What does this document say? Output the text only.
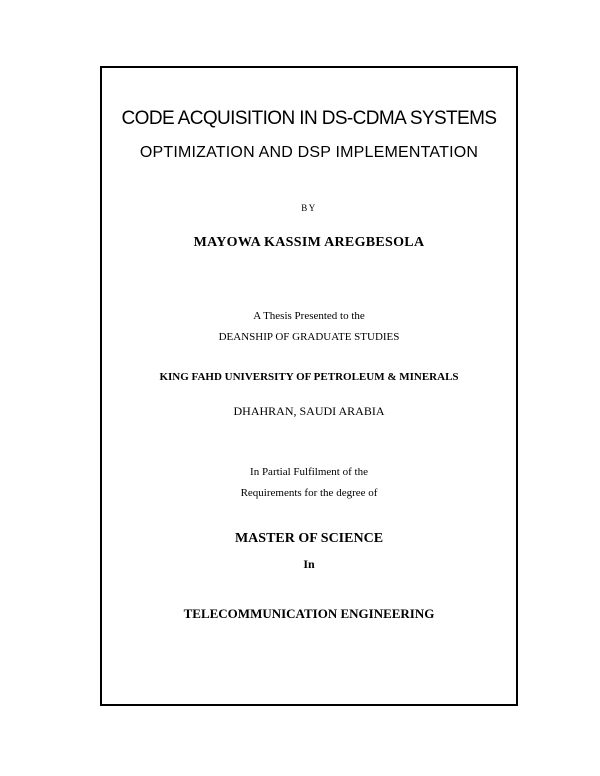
CODE ACQUISITION IN DS-CDMA SYSTEMS
OPTIMIZATION AND DSP IMPLEMENTATION

BY

MAYOWA KASSIM AREGBESOLA

A Thesis Presented to the

DEANSHIP OF GRADUATE STUDIES

KING FAHD UNIVERSITY OF PETROLEUM & MINERALS

DHAHRAN, SAUDI ARABIA

In Partial Fulfilment of the

Requirements for the degree of

MASTER OF SCIENCE

In

TELECOMMUNICATION ENGINEERING
